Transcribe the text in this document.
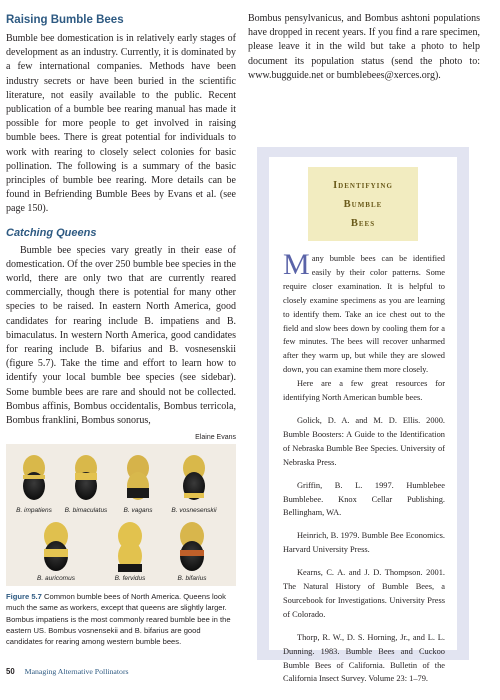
Raising Bumble Bees

Bumble bee domestication is in relatively early stages of development as an industry. Currently, it is dominated by a few international companies. Methods have been industry secrets or have been buried in the scientific literature, not easily available to the public. Recent publication of a bumble bee rearing manual has made it possible for more people to get involved in raising bumble bees. There is great potential for individuals to work with rearing to closely select colonies for basic pollination. The following is a summary of the basic principles of bumble bee rearing. More details can be found in Befriending Bumble Bees by Evans et al. (see page 150).

Catching Queens

Bumble bee species vary greatly in their ease of domestication. Of the over 250 bumble bee species in the world, there are only two that are currently reared commercially, though there is potential for many other species to be raised. In eastern North America, good candidates for rearing include B. impatiens and B. bimaculatus. In western North America, good candidates for rearing include B. bifarius and B. vosnesenskii (figure 5.7). Take the time and effort to learn how to identify your local bumble bee species (see sidebar). Some bumble bees are rare and should not be collected. Bombus affinis, Bombus occidentalis, Bombus terricola, Bombus franklini, Bombus sonorus,

Elaine Evans
B. impatiens B. bimaculatus B. vagans	B. vosnesenskii
B. auricomus	B. fervidus	B. bifarius
Figure 5.7 Common bumble bees of North America. Queens look much the same as workers, except that queens are slightly larger. Bombus impatiens is the most commonly reared bumble bee in the eastern US. Bombus vosnensekii and B. bifarius are good candidates for rearing among western bumble bees.

Bombus pensylvanicus, and Bombus ashtoni populations have dropped in recent years. If you find a rare specimen, please leave it in the wild but take a photo to help document its population status (send the photo to: www.bugguide.net or bumblebees@xerces.org).

Identifying
Bumble
Bees

Many bumble bees can be identified easily by their color patterns. Some require closer examination. It is helpful to closely examine specimens as you are learning to identify them. Take an ice chest out to the field and slow bees down by cooling them for a few minutes. The bees will recover unharmed after they warm up, but while they are slowed down, you can examine them more closely.

Here are a few great resources for identifying North American bumble bees.

Golick, D. A. and M. D. Ellis. 2000. Bumble Boosters: A Guide to the Identification of Nebraska Bumble Bee Species. University of Nebraska Press.

Griffin, B. L. 1997. Humblebee Bumblebee. Knox Cellar Publishing. Bellingham, WA.

Heinrich, B. 1979. Bumble Bee Economics. Harvard University Press.

Kearns, C. A. and J. D. Thompson. 2001. The Natural History of Bumble Bees, a Sourcebook for Investigations. University Press of Colorado.

Thorp, R. W., D. S. Horning, Jr., and L. L. Dunning. 1983. Bumble Bees and Cuckoo Bumble Bees of California. Bulletin of the California Insect Survey. Volume 23: 1–79.

50 Managing Alternative Pollinators
